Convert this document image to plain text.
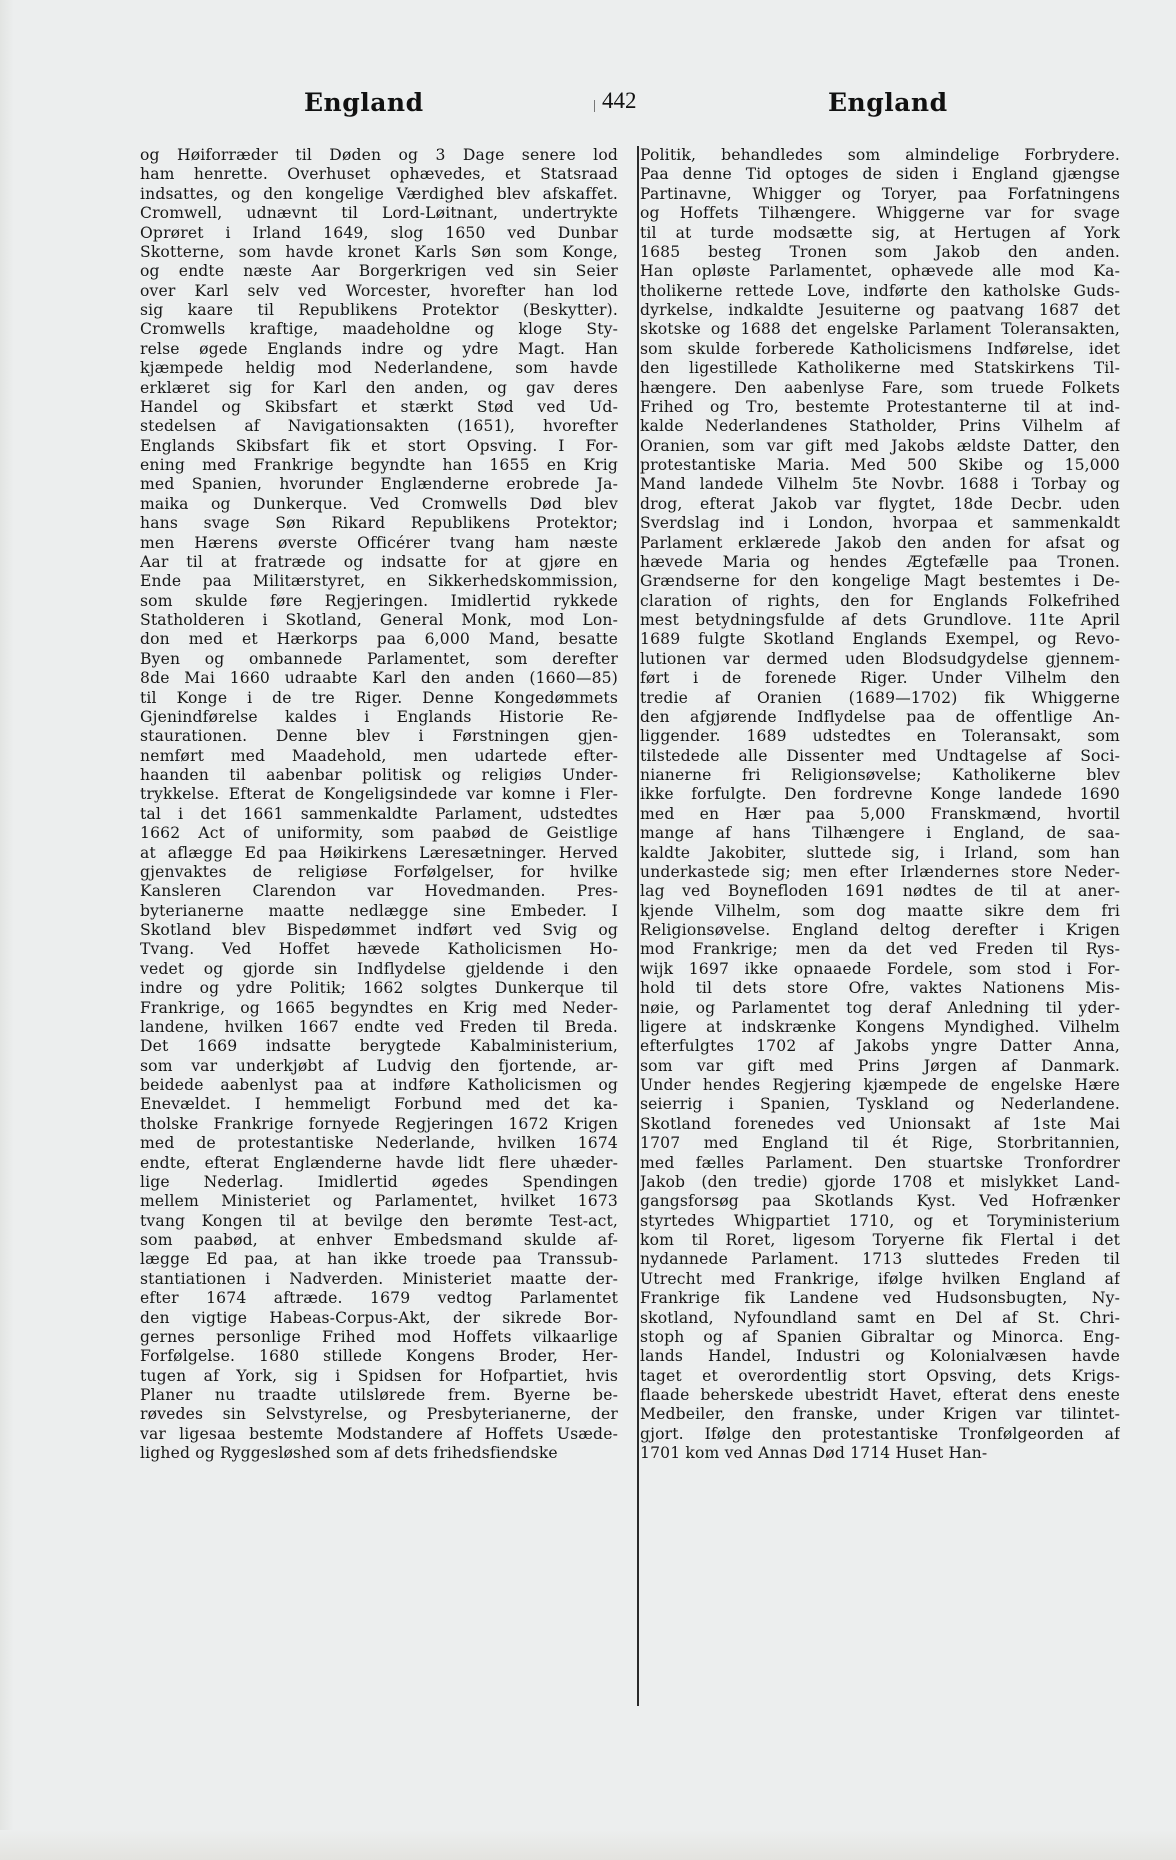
England	442	England
og Høiforræder til Døden og 3 Dage senere lod
ham henrette. Overhuset ophævedes, et Statsraad
indsattes, og den kongelige Værdighed blev afskaffet.
Cromwell, udnævnt til Lord-Løitnant, undertrykte
Oprøret i Irland 1649, slog 1650 ved Dunbar
Skotterne, som havde kronet Karls Søn som Konge,
og endte næste Aar Borgerkrigen ved sin Seier
over Karl selv ved Worcester, hvorefter han lod
sig kaare til Republikens Protektor (Beskytter).
Cromwells kraftige, maadeholdne og kloge Sty-
relse øgede Englands indre og ydre Magt. Han
kjæmpede heldig mod Nederlandene, som havde
erklæret sig for Karl den anden, og gav deres
Handel og Skibsfart et stærkt Stød ved Ud-
stedelsen af Navigationsakten (1651), hvorefter
Englands Skibsfart fik et stort Opsving. I For-
ening med Frankrige begyndte han 1655 en Krig
med Spanien, hvorunder Englænderne erobrede Ja-
maika og Dunkerque. Ved Cromwells Død blev
hans svage Søn Rikard Republikens Protektor;
men Hærens øverste Officérer tvang ham næste
Aar til at fratræde og indsatte for at gjøre en
Ende paa Militærstyret, en Sikkerhedskommission,
som skulde føre Regjeringen. Imidlertid rykkede
Statholderen i Skotland, General Monk, mod Lon-
don med et Hærkorps paa 6,000 Mand, besatte
Byen og ombannede Parlamentet, som derefter
8de Mai 1660 udraabte Karl den anden (1660—85)
til Konge i de tre Riger. Denne Kongedømmets
Gjenindførelse kaldes i Englands Historie Re-
staurationen. Denne blev i Førstningen gjen-
nemført med Maadehold, men udartede efter-
haanden til aabenbar politisk og religiøs Under-
trykkelse. Efterat de Kongeligsindede var komne i Fler-
tal i det 1661 sammenkaldte Parlament, udstedtes
1662 Act of uniformity, som paabød de Geistlige
at aflægge Ed paa Høikirkens Læresætninger. Herved
gjenvaktes de religiøse Forfølgelser, for hvilke
Kansleren Clarendon var Hovedmanden. Pres-
byterianerne maatte nedlægge sine Embeder. I
Skotland blev Bispedømmet indført ved Svig og
Tvang. Ved Hoffet hævede Katholicismen Ho-
vedet og gjorde sin Indflydelse gjeldende i den
indre og ydre Politik; 1662 solgtes Dunkerque til
Frankrige, og 1665 begyndtes en Krig med Neder-
landene, hvilken 1667 endte ved Freden til Breda.
Det 1669 indsatte berygtede Kabalministerium,
som var underkjøbt af Ludvig den fjortende, ar-
beidede aabenlyst paa at indføre Katholicismen og
Enevældet. I hemmeligt Forbund med det ka-
tholske Frankrige fornyede Regjeringen 1672 Krigen
med de protestantiske Nederlande, hvilken 1674
endte, efterat Englænderne havde lidt flere uhæder-
lige Nederlag. Imidlertid øgedes Spendingen
mellem Ministeriet og Parlamentet, hvilket 1673
tvang Kongen til at bevilge den berømte Test-act,
som paabød, at enhver Embedsmand skulde af-
lægge Ed paa, at han ikke troede paa Transsub-
stantiationen i Nadverden. Ministeriet maatte der-
efter 1674 aftræde. 1679 vedtog Parlamentet
den vigtige Habeas-Corpus-Akt, der sikrede Bor-
gernes personlige Frihed mod Hoffets vilkaarlige
Forfølgelse. 1680 stillede Kongens Broder, Her-
tugen af York, sig i Spidsen for Hofpartiet, hvis
Planer nu traadte utilslørede frem. Byerne be-
røvedes sin Selvstyrelse, og Presbyterianerne, der
var ligesaa bestemte Modstandere af Hoffets Usæde-
lighed og Ryggesløshed som af dets frihedsfiendske
Politik, behandledes som almindelige Forbrydere.
Paa denne Tid optoges de siden i England gjængse
Partinavne, Whigger og Toryer, paa Forfatningens
og Hoffets Tilhængere. Whiggerne var for svage
til at turde modsætte sig, at Hertugen af York
1685 besteg Tronen som Jakob den anden.
Han opløste Parlamentet, ophævede alle mod Ka-
tholikerne rettede Love, indførte den katholske Guds-
dyrkelse, indkaldte Jesuiterne og paatvang 1687 det
skotske og 1688 det engelske Parlament Toleransakten,
som skulde forberede Katholicismens Indførelse, idet
den ligestillede Katholikerne med Statskirkens Til-
hængere. Den aabenlyse Fare, som truede Folkets
Frihed og Tro, bestemte Protestanterne til at ind-
kalde Nederlandenes Statholder, Prins Vilhelm af
Oranien, som var gift med Jakobs ældste Datter, den
protestantiske Maria. Med 500 Skibe og 15,000
Mand landede Vilhelm 5te Novbr. 1688 i Torbay og
drog, efterat Jakob var flygtet, 18de Decbr. uden
Sverdslag ind i London, hvorpaa et sammenkaldt
Parlament erklærede Jakob den anden for afsat og
hævede Maria og hendes Ægtefælle paa Tronen.
Grændserne for den kongelige Magt bestemtes i De-
claration of rights, den for Englands Folkefrihed
mest betydningsfulde af dets Grundlove. 11te April
1689 fulgte Skotland Englands Exempel, og Revo-
lutionen var dermed uden Blodsudgydelse gjennem-
ført i de forenede Riger. Under Vilhelm den
tredie af Oranien (1689—1702) fik Whiggerne
den afgjørende Indflydelse paa de offentlige An-
liggender. 1689 udstedtes en Toleransakt, som
tilstedede alle Dissenter med Undtagelse af Soci-
nianerne fri Religionsøvelse; Katholikerne blev
ikke forfulgte. Den fordrevne Konge landede 1690
med en Hær paa 5,000 Franskmænd, hvortil
mange af hans Tilhængere i England, de saa-
kaldte Jakobiter, sluttede sig, i Irland, som han
underkastede sig; men efter Irlændernes store Neder-
lag ved Boynefloden 1691 nødtes de til at aner-
kjende Vilhelm, som dog maatte sikre dem fri
Religionsøvelse. England deltog derefter i Krigen
mod Frankrige; men da det ved Freden til Rys-
wijk 1697 ikke opnaaede Fordele, som stod i For-
hold til dets store Ofre, vaktes Nationens Mis-
nøie, og Parlamentet tog deraf Anledning til yder-
ligere at indskrænke Kongens Myndighed. Vilhelm
efterfulgtes 1702 af Jakobs yngre Datter Anna,
som var gift med Prins Jørgen af Danmark.
Under hendes Regjering kjæmpede de engelske Hære
seierrig i Spanien, Tyskland og Nederlandene.
Skotland forenedes ved Unionsakt af 1ste Mai
1707 med England til ét Rige, Storbritannien,
med fælles Parlament. Den stuartske Tronfordrer
Jakob (den tredie) gjorde 1708 et mislykket Land-
gangsforsøg paa Skotlands Kyst. Ved Hofrænker
styrtedes Whigpartiet 1710, og et Toryministerium
kom til Roret, ligesom Toryerne fik Flertal i det
nydannede Parlament. 1713 sluttedes Freden til
Utrecht med Frankrige, ifølge hvilken England af
Frankrige fik Landene ved Hudsonsbugten, Ny-
skotland, Nyfoundland samt en Del af St. Chri-
stoph og af Spanien Gibraltar og Minorca. Eng-
lands Handel, Industri og Kolonialvæsen havde
taget et overordentlig stort Opsving, dets Krigs-
flaade beherskede ubestridt Havet, efterat dens eneste
Medbeiler, den franske, under Krigen var tilintet-
gjort. Ifølge den protestantiske Tronfølgeorden af
1701 kom ved Annas Død 1714 Huset Han-
